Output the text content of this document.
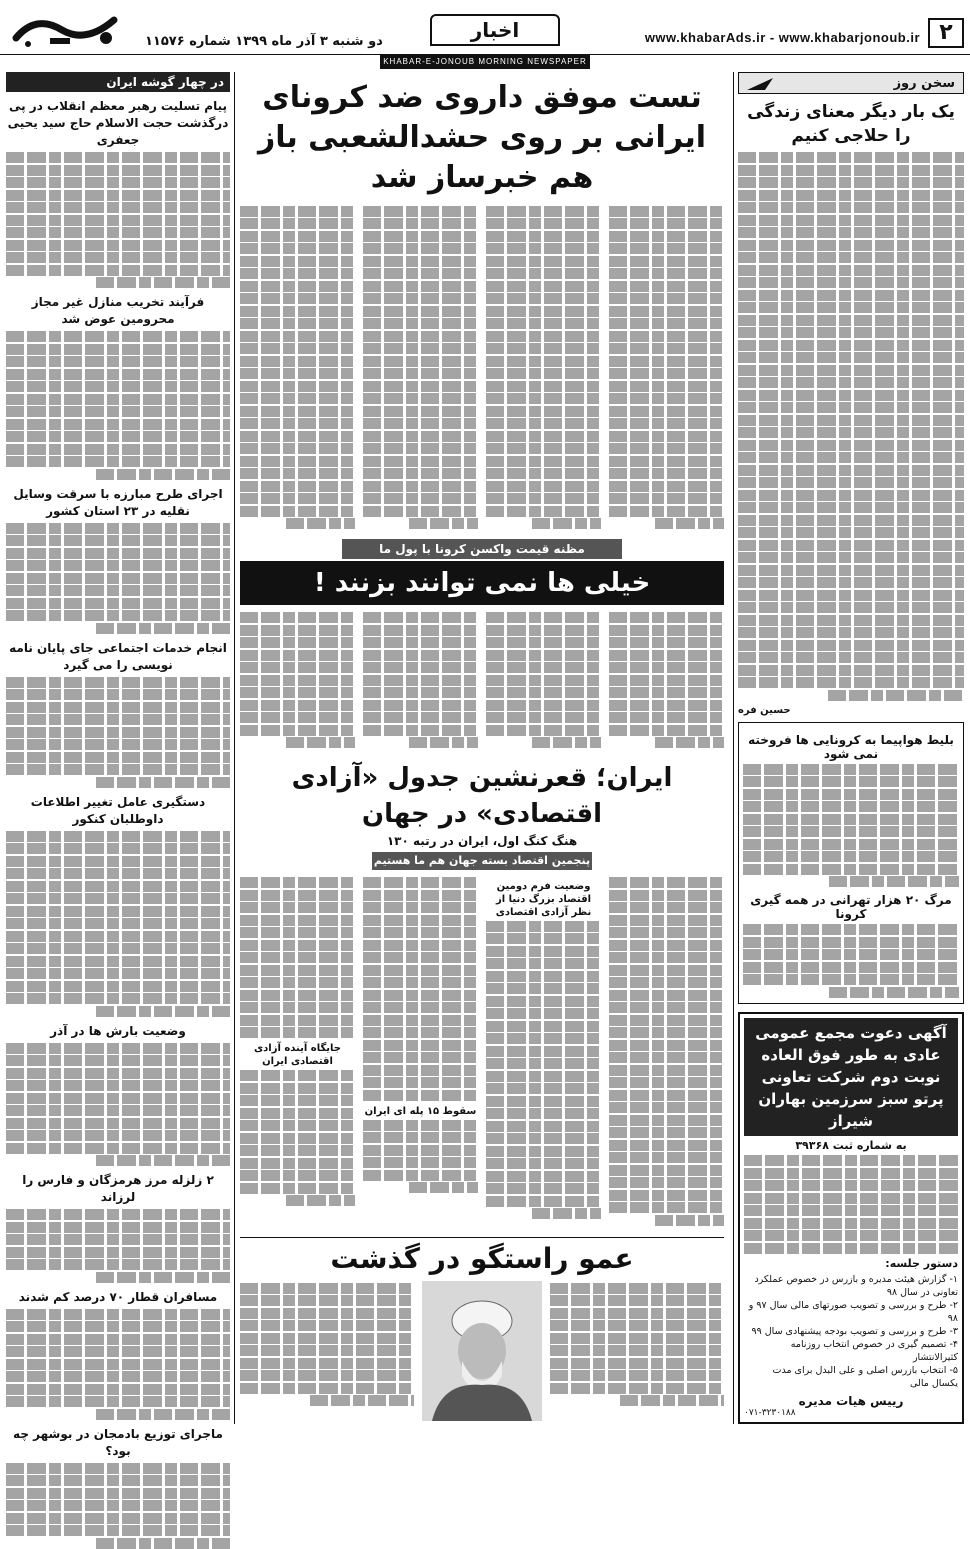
۲
www.khabarAds.ir - www.khabarjonoub.ir
اخبار
دو شنبه ۳ آذر ماه ۱۳۹۹ شماره ۱۱۵۷۶
KHABAR-E-JONOUB MORNING NEWSPAPER
سخن روز
یک بار دیگر معنای زندگی را حلاجی کنیم
حسین فره
بلیط هواپیما به کرونایی ها فروخته نمی شود
مرگ ۲۰ هزار تهرانی در همه گیری کرونا
آگهی دعوت مجمع عمومی عادی به طور فوق العاده نوبت دوم شرکت تعاونی پرتو سبز سرزمین بهاران شیراز
به شماره ثبت ۳۹۳۶۸
دستور جلسه:
۱- گزارش هیئت مدیره و بازرس در خصوص عملکرد تعاونی در سال ۹۸
۲- طرح و بررسی و تصویب صورتهای مالی سال ۹۷ و ۹۸
۳- طرح و بررسی و تصویب بودجه پیشنهادی سال ۹۹
۴- تصمیم گیری در خصوص انتخاب روزنامه کثیرالانتشار
۵- انتخاب بازرس اصلی و علی البدل برای مدت یکسال مالی
رییس هیات مدیره
۰۷۱-۳۲۳۰۱۸۸
در چهار گوشه ایران
پیام تسلیت رهبر معظم انقلاب در پی درگذشت حجت الاسلام حاج سید یحیی جعفری
فرآیند تخریب منازل غیر مجاز محرومین عوض شد
اجرای طرح مبارزه با سرقت وسایل نقلیه در ۲۳ استان کشور
انجام خدمات اجتماعی جای پایان نامه نویسی را می گیرد
دستگیری عامل تغییر اطلاعات داوطلبان کنکور
وضعیت بارش ها در آذر
۲ زلزله مرز هرمزگان و فارس را لرزاند
مسافران قطار ۷۰ درصد کم شدند
ماجرای توزیع بادمجان در بوشهر چه بود؟
تست موفق داروی ضد کرونای ایرانی بر روی حشدالشعبی باز هم خبرساز شد
مظنه قیمت واکسن کرونا با پول ما
خیلی ها نمی توانند بزنند !
ایران؛ قعرنشین جدول «آزادی اقتصادی» در جهان
هنگ کنگ اول، ایران در رتبه ۱۳۰
پنجمین اقتصاد بسته جهان هم ما هستیم
وضعیت فرم دومین اقتصاد بزرگ دنیا از نظر آزادی اقتصادی
سقوط ۱۵ پله ای ایران
جایگاه آینده آزادی اقتصادی ایران
عمو راستگو در گذشت
